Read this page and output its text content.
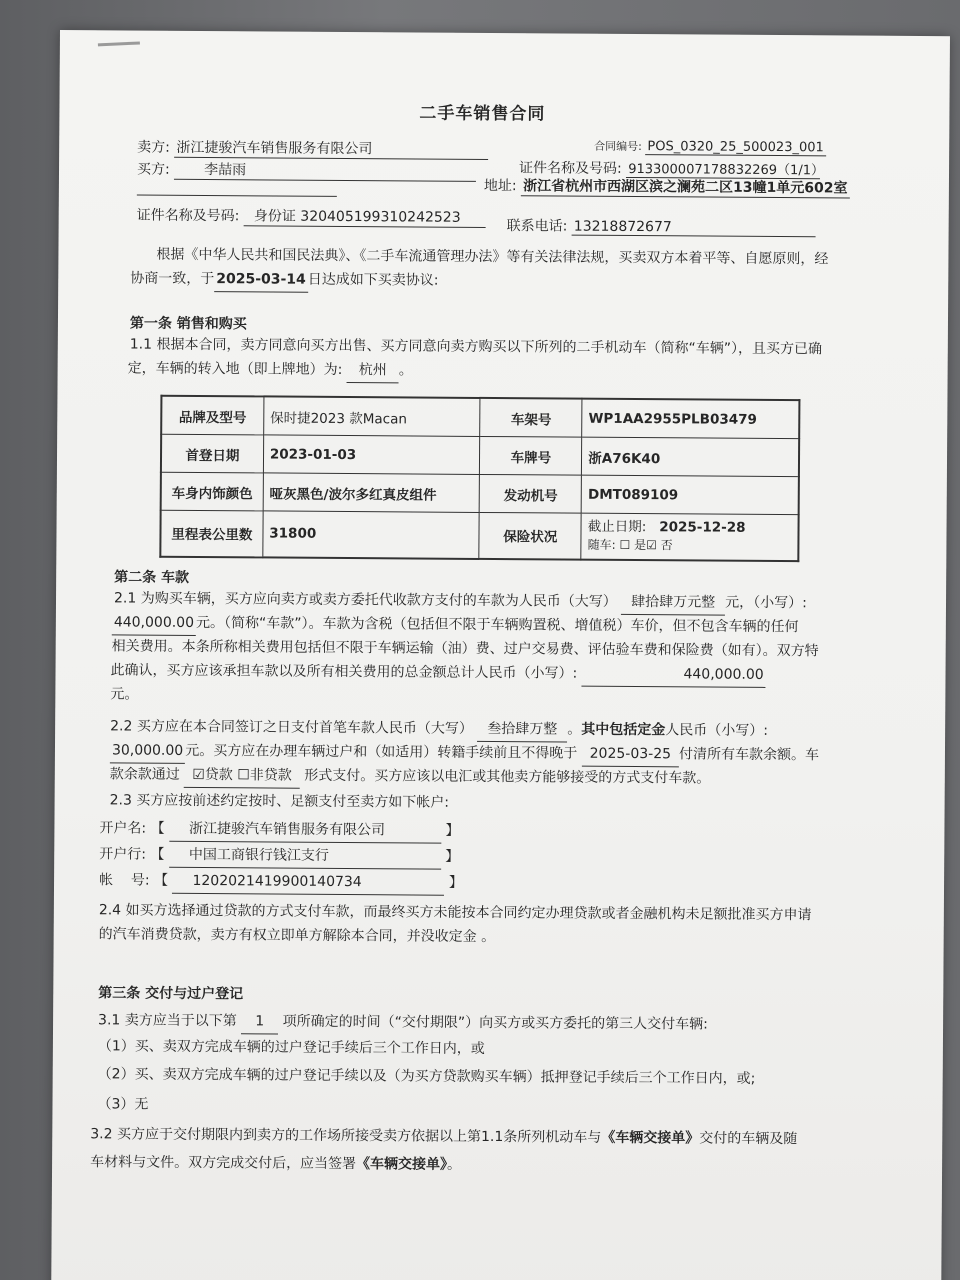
二手车销售合同
卖方: 浙江捷骏汽车销售服务有限公司	合同编号: POS_0320_25_500023_001
证件名称及号码: 913300007178832269（1/1）
买方: 李喆雨
地址: 浙江省杭州市西湖区滨之澜苑二区13幢1单元602室
证件名称及号码: 身份证 320405199310242523
联系电话: 13218872677
根据《中华人民共和国民法典》、《二手车流通管理办法》等有关法律法规，买卖双方本着平等、自愿原则，经
协商一致，于 2025-03-14 日达成如下买卖协议:
第一条 销售和购买
1.1 根据本合同，卖方同意向买方出售、买方同意向卖方购买以下所列的二手机动车（简称“车辆”），且买方已确
定，车辆的转入地（即上牌地）为: 杭州 。
品牌及型号	保时捷2023 款Macan	车架号	WP1AA2955PLB03479
首登日期	2023-01-03	车牌号	浙A76K40
车身内饰颜色	哑灰黑色/波尔多红真皮组件	发动机号	DMT089109
里程表公里数	31800	保险状况	截止日期: 2025-12-28
随车: ☐ 是☑ 否
第二条 车款
2.1 为购买车辆，买方应向卖方或卖方委托代收款方支付的车款为人民币（大写） 肆拾肆万元整 元，（小写）:
440,000.00 元。（简称“车款”）。车款为含税（包括但不限于车辆购置税、增值税）车价，但不包含车辆的任何
相关费用。本条所称相关费用包括但不限于车辆运输（油）费、过户交易费、评估验车费和保险费（如有）。双方特
此确认，买方应该承担车款以及所有相关费用的总金额总计人民币（小写）:	440,000.00
元。
2.2 买方应在本合同签订之日支付首笔车款人民币（大写） 叁拾肆万整 。其中包括定金人民币（小写）:
30,000.00 元。买方应在办理车辆过户和（如适用）转籍手续前且不得晚于 2025-03-25 付清所有车款余额。车
款余款通过 ☑贷款 ☐非贷款 形式支付。买方应该以电汇或其他卖方能够接受的方式支付车款。
2.3 买方应按前述约定按时、足额支付至卖方如下帐户:
开户名: 【 浙江捷骏汽车销售服务有限公司	】
开户行: 【 中国工商银行钱江支行	】
帐    号: 【 1202021419900140734	】
2.4 如买方选择通过贷款的方式支付车款，而最终买方未能按本合同约定办理贷款或者金融机构未足额批准买方申请
的汽车消费贷款，卖方有权立即单方解除本合同，并没收定金 。
第三条 交付与过户登记
3.1 卖方应当于以下第 1 项所确定的时间（“交付期限”）向买方或买方委托的第三人交付车辆:
（1）买、卖双方完成车辆的过户登记手续后三个工作日内，或
（2）买、卖双方完成车辆的过户登记手续以及（为买方贷款购买车辆）抵押登记手续后三个工作日内，或;
（3）无
3.2 买方应于交付期限内到卖方的工作场所接受卖方依据以上第1.1条所列机动车与《车辆交接单》交付的车辆及随
车材料与文件。双方完成交付后，应当签署《车辆交接单》。
